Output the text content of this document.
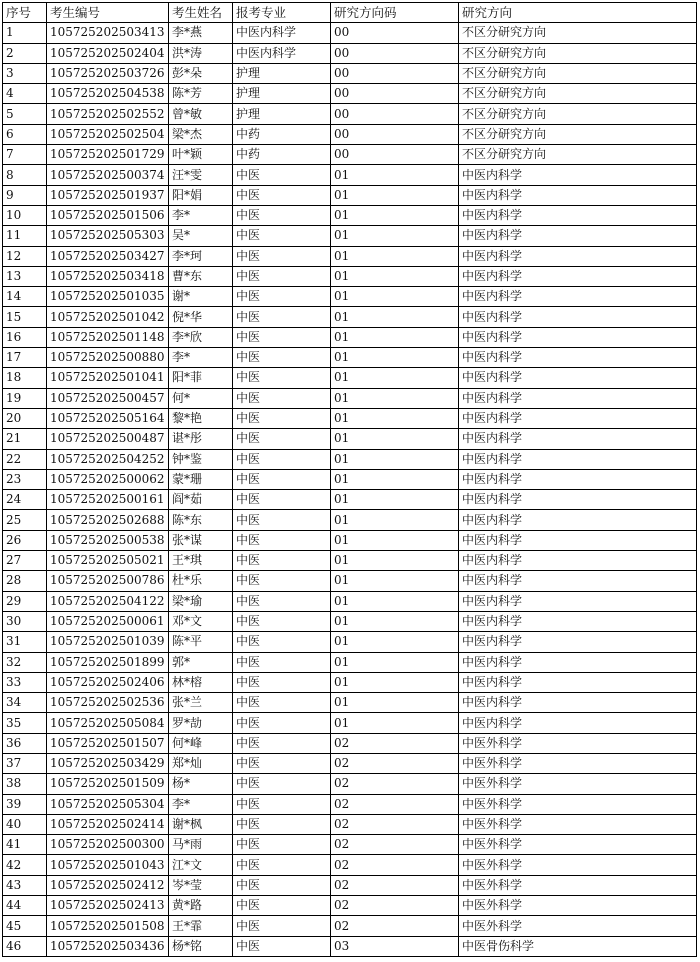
序号	考生编号	考生姓名	报考专业	研究方向码	研究方向
1	105725202503413	李*燕	中医内科学	00	不区分研究方向
2	105725202502404	洪*涛	中医内科学	00	不区分研究方向
3	105725202503726	彭*朵	护理	00	不区分研究方向
4	105725202504538	陈*芳	护理	00	不区分研究方向
5	105725202502552	曾*敏	护理	00	不区分研究方向
6	105725202502504	梁*杰	中药	00	不区分研究方向
7	105725202501729	叶*颖	中药	00	不区分研究方向
8	105725202500374	汪*雯	中医	01	中医内科学
9	105725202501937	阳*娟	中医	01	中医内科学
10	105725202501506	李*	中医	01	中医内科学
11	105725202505303	吴*	中医	01	中医内科学
12	105725202503427	李*珂	中医	01	中医内科学
13	105725202503418	曹*东	中医	01	中医内科学
14	105725202501035	谢*	中医	01	中医内科学
15	105725202501042	倪*华	中医	01	中医内科学
16	105725202501148	李*欣	中医	01	中医内科学
17	105725202500880	李*	中医	01	中医内科学
18	105725202501041	阳*菲	中医	01	中医内科学
19	105725202500457	何*	中医	01	中医内科学
20	105725202505164	黎*艳	中医	01	中医内科学
21	105725202500487	谌*彤	中医	01	中医内科学
22	105725202504252	钟*鉴	中医	01	中医内科学
23	105725202500062	蒙*珊	中医	01	中医内科学
24	105725202500161	阎*茹	中医	01	中医内科学
25	105725202502688	陈*东	中医	01	中医内科学
26	105725202500538	张*谋	中医	01	中医内科学
27	105725202505021	王*琪	中医	01	中医内科学
28	105725202500786	杜*乐	中医	01	中医内科学
29	105725202504122	梁*瑜	中医	01	中医内科学
30	105725202500061	邓*文	中医	01	中医内科学
31	105725202501039	陈*平	中医	01	中医内科学
32	105725202501899	郭*	中医	01	中医内科学
33	105725202502406	林*榕	中医	01	中医内科学
34	105725202502536	张*兰	中医	01	中医内科学
35	105725202505084	罗*劼	中医	01	中医内科学
36	105725202501507	何*峰	中医	02	中医外科学
37	105725202503429	郑*灿	中医	02	中医外科学
38	105725202501509	杨*	中医	02	中医外科学
39	105725202505304	李*	中医	02	中医外科学
40	105725202502414	谢*枫	中医	02	中医外科学
41	105725202500300	马*雨	中医	02	中医外科学
42	105725202501043	江*文	中医	02	中医外科学
43	105725202502412	岑*莹	中医	02	中医外科学
44	105725202502413	黄*路	中医	02	中医外科学
45	105725202501508	王*霏	中医	02	中医外科学
46	105725202503436	杨*铭	中医	03	中医骨伤科学
